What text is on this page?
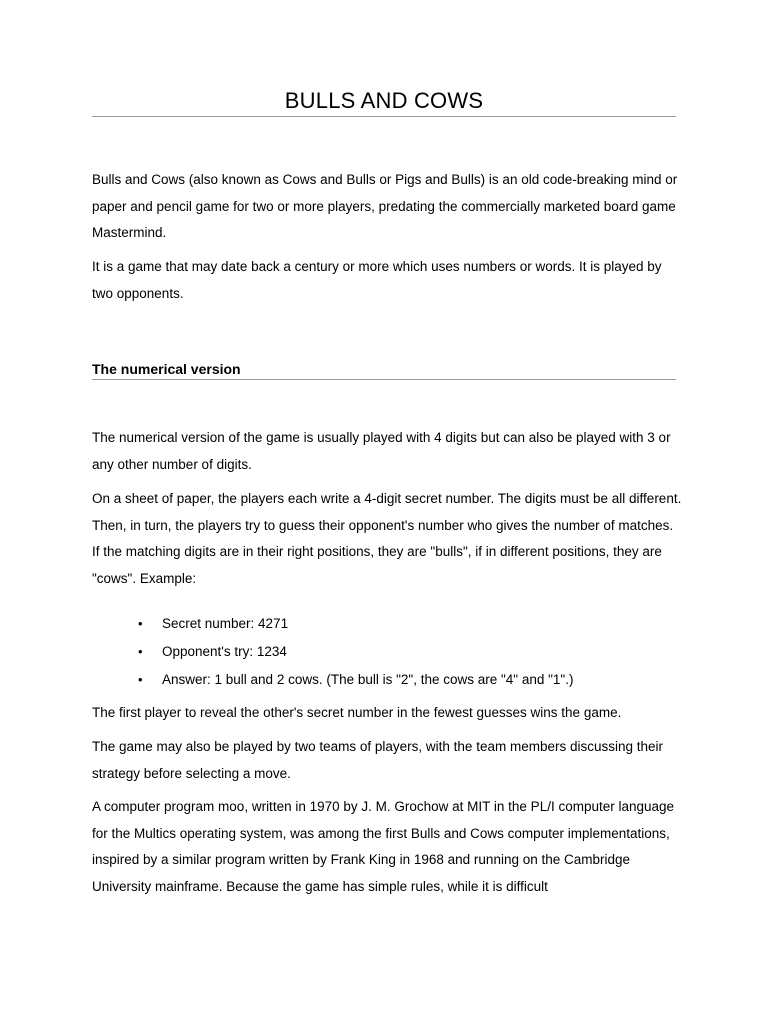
BULLS AND COWS

Bulls and Cows (also known as Cows and Bulls or Pigs and Bulls) is an old code-breaking mind or paper and pencil game for two or more players, predating the commercially marketed board game Mastermind.

It is a game that may date back a century or more which uses numbers or words. It is played by two opponents.

The numerical version

The numerical version of the game is usually played with 4 digits but can also be played with 3 or any other number of digits.

On a sheet of paper, the players each write a 4-digit secret number. The digits must be all different. Then, in turn, the players try to guess their opponent's number who gives the number of matches. If the matching digits are in their right positions, they are "bulls", if in different positions, they are "cows". Example:

• Secret number: 4271
• Opponent's try: 1234
• Answer: 1 bull and 2 cows. (The bull is "2", the cows are "4" and "1".)

The first player to reveal the other's secret number in the fewest guesses wins the game.

The game may also be played by two teams of players, with the team members discussing their strategy before selecting a move.

A computer program moo, written in 1970 by J. M. Grochow at MIT in the PL/I computer language for the Multics operating system, was among the first Bulls and Cows computer implementations, inspired by a similar program written by Frank King in 1968 and running on the Cambridge University mainframe. Because the game has simple rules, while it is difficult
